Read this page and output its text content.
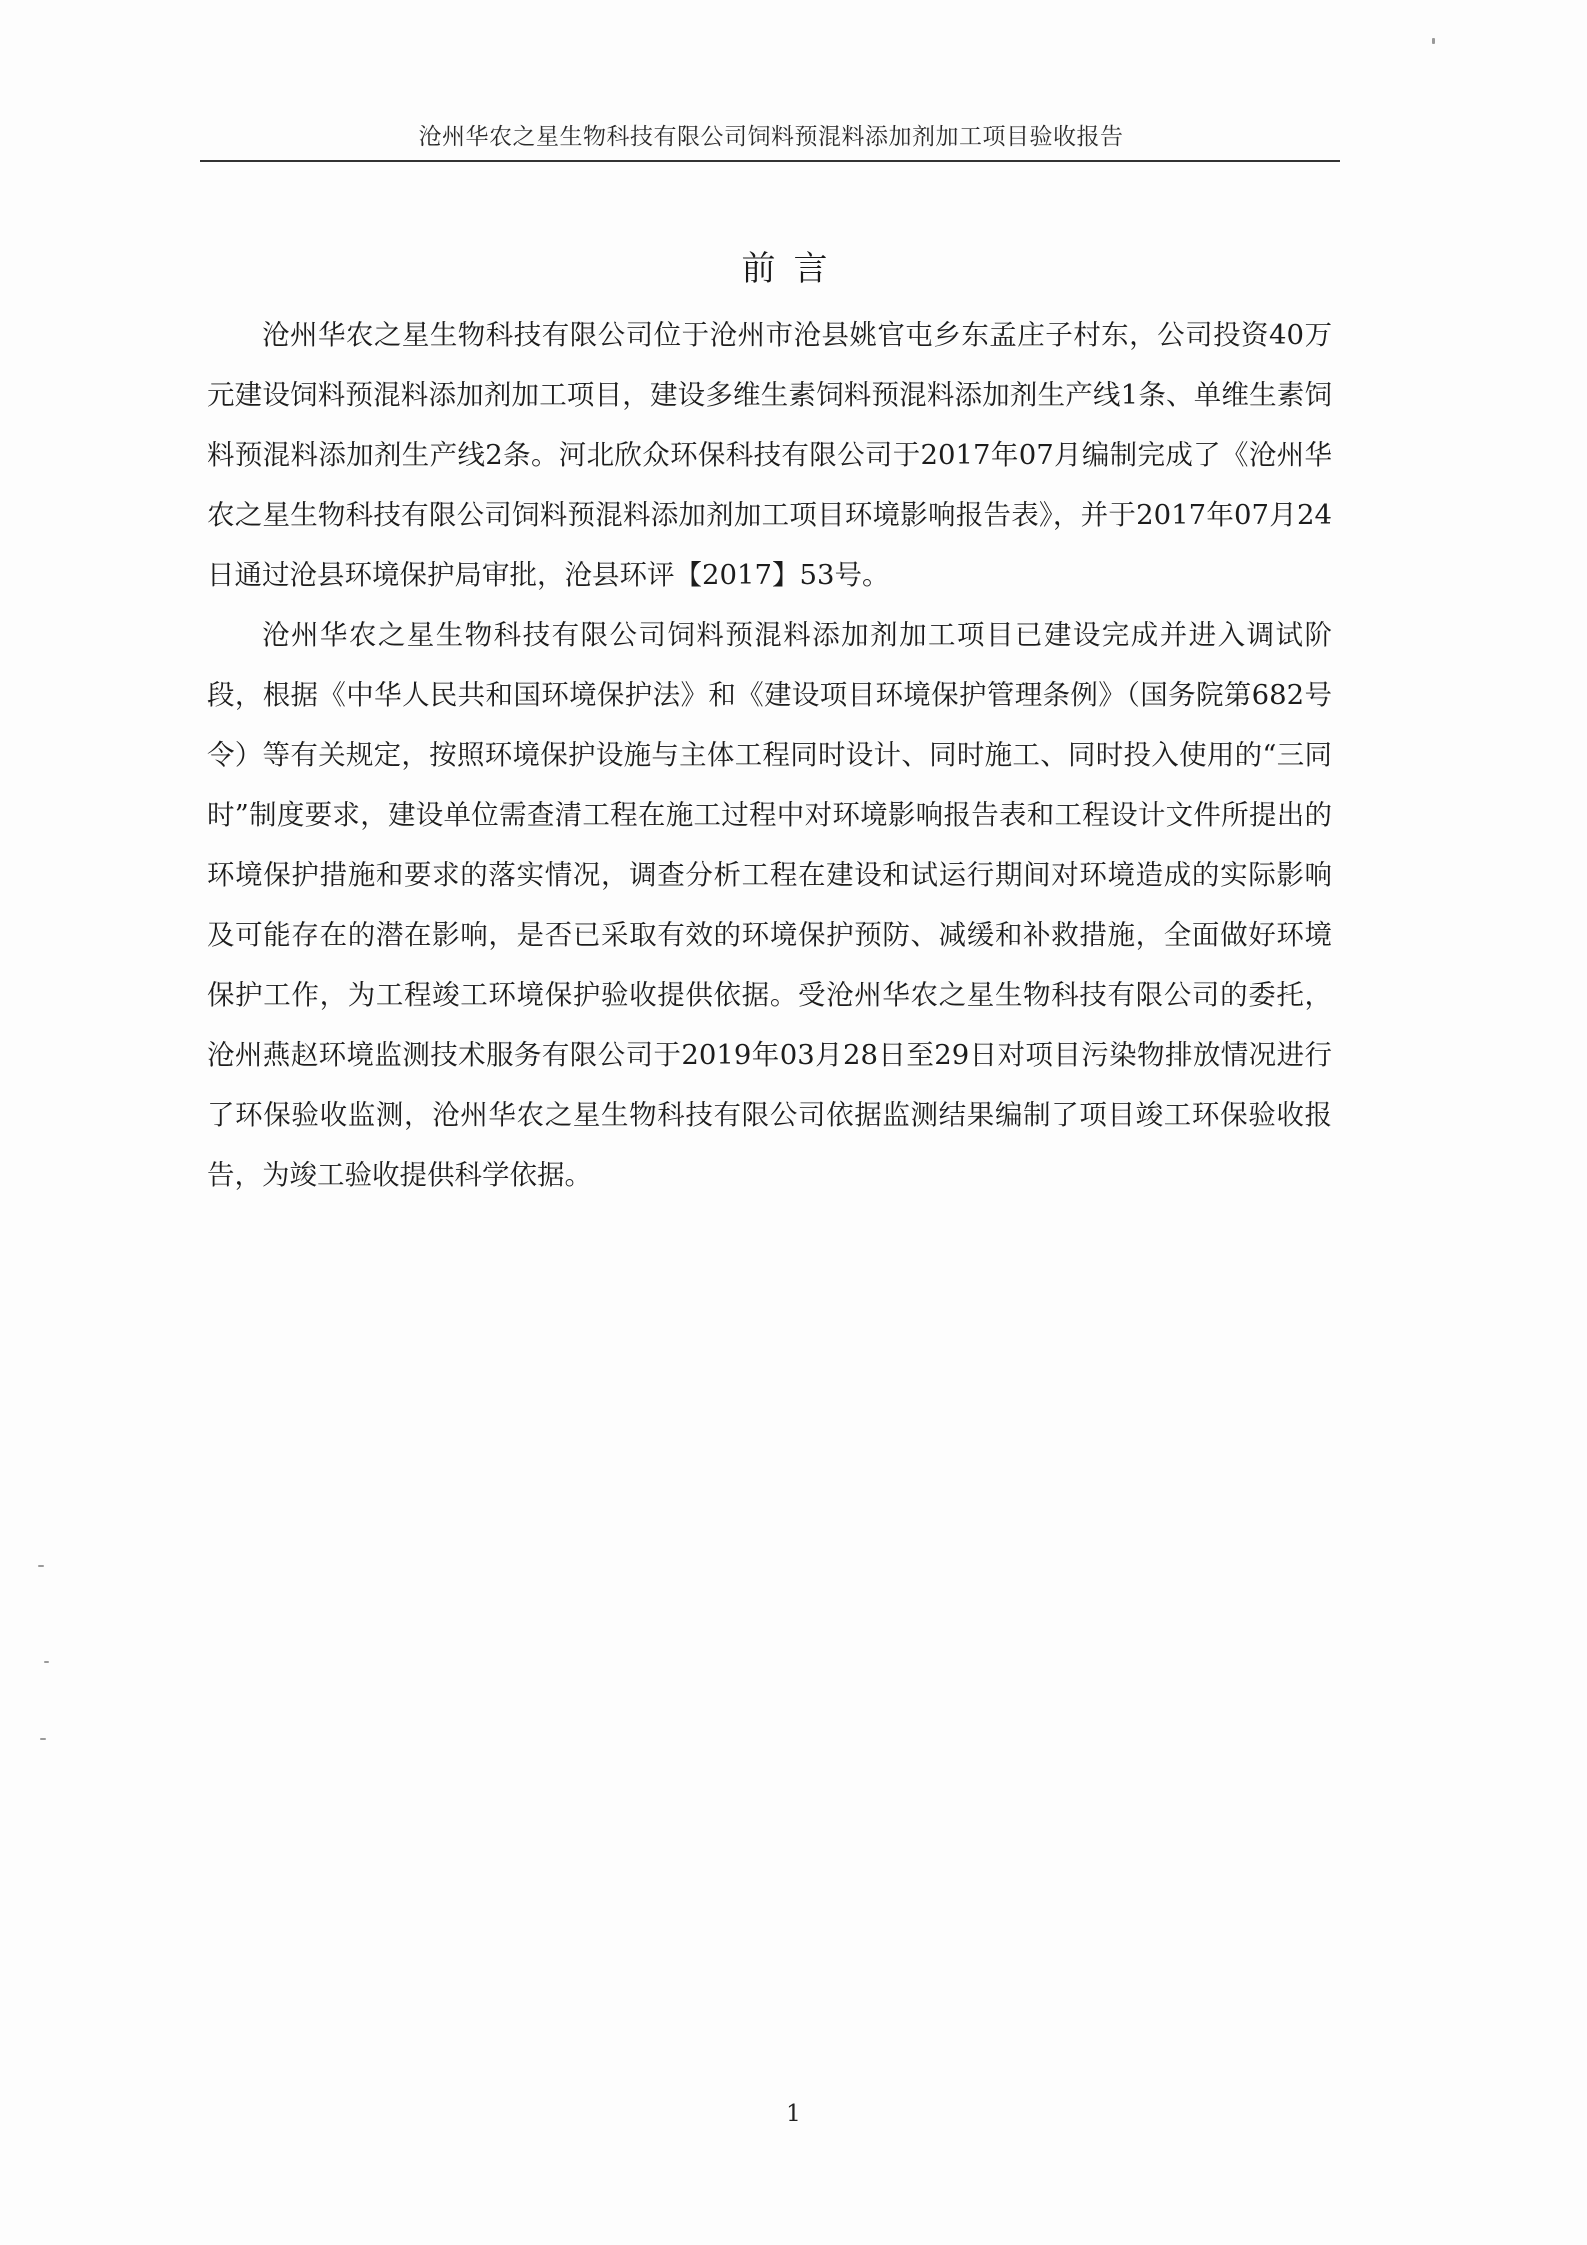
沧州华农之星生物科技有限公司饲料预混料添加剂加工项目验收报告
前言

沧州华农之星生物科技有限公司位于沧州市沧县姚官屯乡东孟庄子村东，公司投资40万元建设饲料预混料添加剂加工项目，建设多维生素饲料预混料添加剂生产线1条、单维生素饲料预混料添加剂生产线2条。河北欣众环保科技有限公司于2017年07月编制完成了《沧州华农之星生物科技有限公司饲料预混料添加剂加工项目环境影响报告表》，并于2017年07月24日通过沧县环境保护局审批，沧县环评【2017】53号。

沧州华农之星生物科技有限公司饲料预混料添加剂加工项目已建设完成并进入调试阶段，根据《中华人民共和国环境保护法》和《建设项目环境保护管理条例》（国务院第682号令）等有关规定，按照环境保护设施与主体工程同时设计、同时施工、同时投入使用的“三同时”制度要求，建设单位需查清工程在施工过程中对环境影响报告表和工程设计文件所提出的环境保护措施和要求的落实情况，调查分析工程在建设和试运行期间对环境造成的实际影响及可能存在的潜在影响，是否已采取有效的环境保护预防、减缓和补救措施，全面做好环境保护工作，为工程竣工环境保护验收提供依据。受沧州华农之星生物科技有限公司的委托，沧州燕赵环境监测技术服务有限公司于2019年03月28日至29日对项目污染物排放情况进行了环保验收监测，沧州华农之星生物科技有限公司依据监测结果编制了项目竣工环保验收报告，为竣工验收提供科学依据。

1
